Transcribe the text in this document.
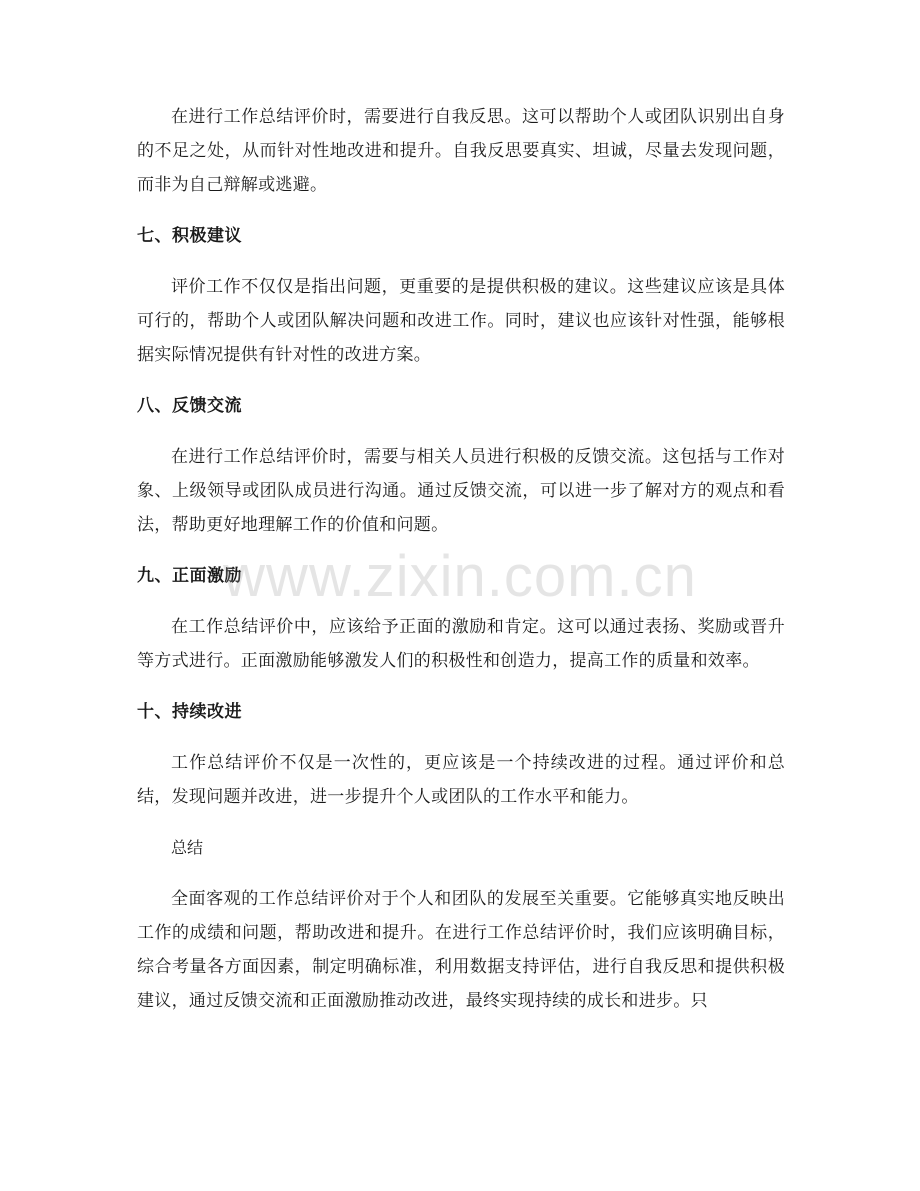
在进行工作总结评价时，需要进行自我反思。这可以帮助个人或团队识别出自身的不足之处，从而针对性地改进和提升。自我反思要真实、坦诚，尽量去发现问题，而非为自己辩解或逃避。

七、积极建议

评价工作不仅仅是指出问题，更重要的是提供积极的建议。这些建议应该是具体可行的，帮助个人或团队解决问题和改进工作。同时，建议也应该针对性强，能够根据实际情况提供有针对性的改进方案。

八、反馈交流

在进行工作总结评价时，需要与相关人员进行积极的反馈交流。这包括与工作对象、上级领导或团队成员进行沟通。通过反馈交流，可以进一步了解对方的观点和看法，帮助更好地理解工作的价值和问题。

九、正面激励

在工作总结评价中，应该给予正面的激励和肯定。这可以通过表扬、奖励或晋升等方式进行。正面激励能够激发人们的积极性和创造力，提高工作的质量和效率。

十、持续改进

工作总结评价不仅是一次性的，更应该是一个持续改进的过程。通过评价和总结，发现问题并改进，进一步提升个人或团队的工作水平和能力。

总结

全面客观的工作总结评价对于个人和团队的发展至关重要。它能够真实地反映出工作的成绩和问题，帮助改进和提升。在进行工作总结评价时，我们应该明确目标，综合考量各方面因素，制定明确标准，利用数据支持评估，进行自我反思和提供积极建议，通过反馈交流和正面激励推动改进，最终实现持续的成长和进步。只

www.zixin.com.cn
